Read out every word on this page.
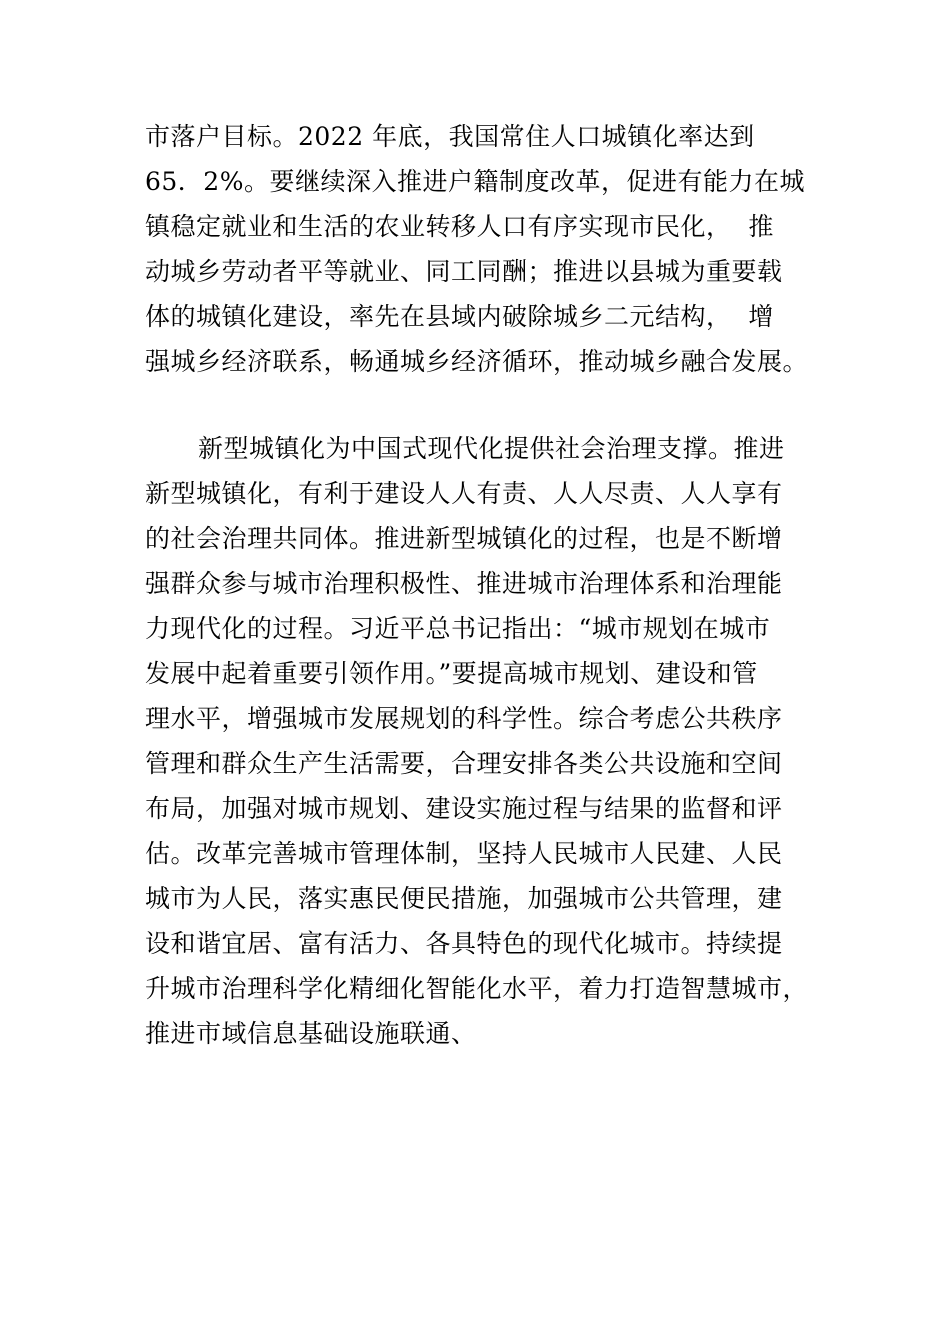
市落户目标。2022 年底，我国常住人口城镇化率达到
65．2%。要继续深入推进户籍制度改革，促进有能力在城
镇稳定就业和生活的农业转移人口有序实现市民化，  推
动城乡劳动者平等就业、同工同酬；推进以县城为重要载
体的城镇化建设，率先在县域内破除城乡二元结构，  增
强城乡经济联系，畅通城乡经济循环，推动城乡融合发展。
新型城镇化为中国式现代化提供社会治理支撑。推进
新型城镇化，有利于建设人人有责、人人尽责、人人享有
的社会治理共同体。推进新型城镇化的过程，也是不断增
强群众参与城市治理积极性、推进城市治理体系和治理能
力现代化的过程。习近平总书记指出：“城市规划在城市
发展中起着重要引领作用。”要提高城市规划、建设和管
理水平，增强城市发展规划的科学性。综合考虑公共秩序
管理和群众生产生活需要，合理安排各类公共设施和空间
布局，加强对城市规划、建设实施过程与结果的监督和评
估。改革完善城市管理体制，坚持人民城市人民建、人民
城市为人民，落实惠民便民措施，加强城市公共管理，建
设和谐宜居、富有活力、各具特色的现代化城市。持续提
升城市治理科学化精细化智能化水平，着力打造智慧城市，
推进市域信息基础设施联通、
